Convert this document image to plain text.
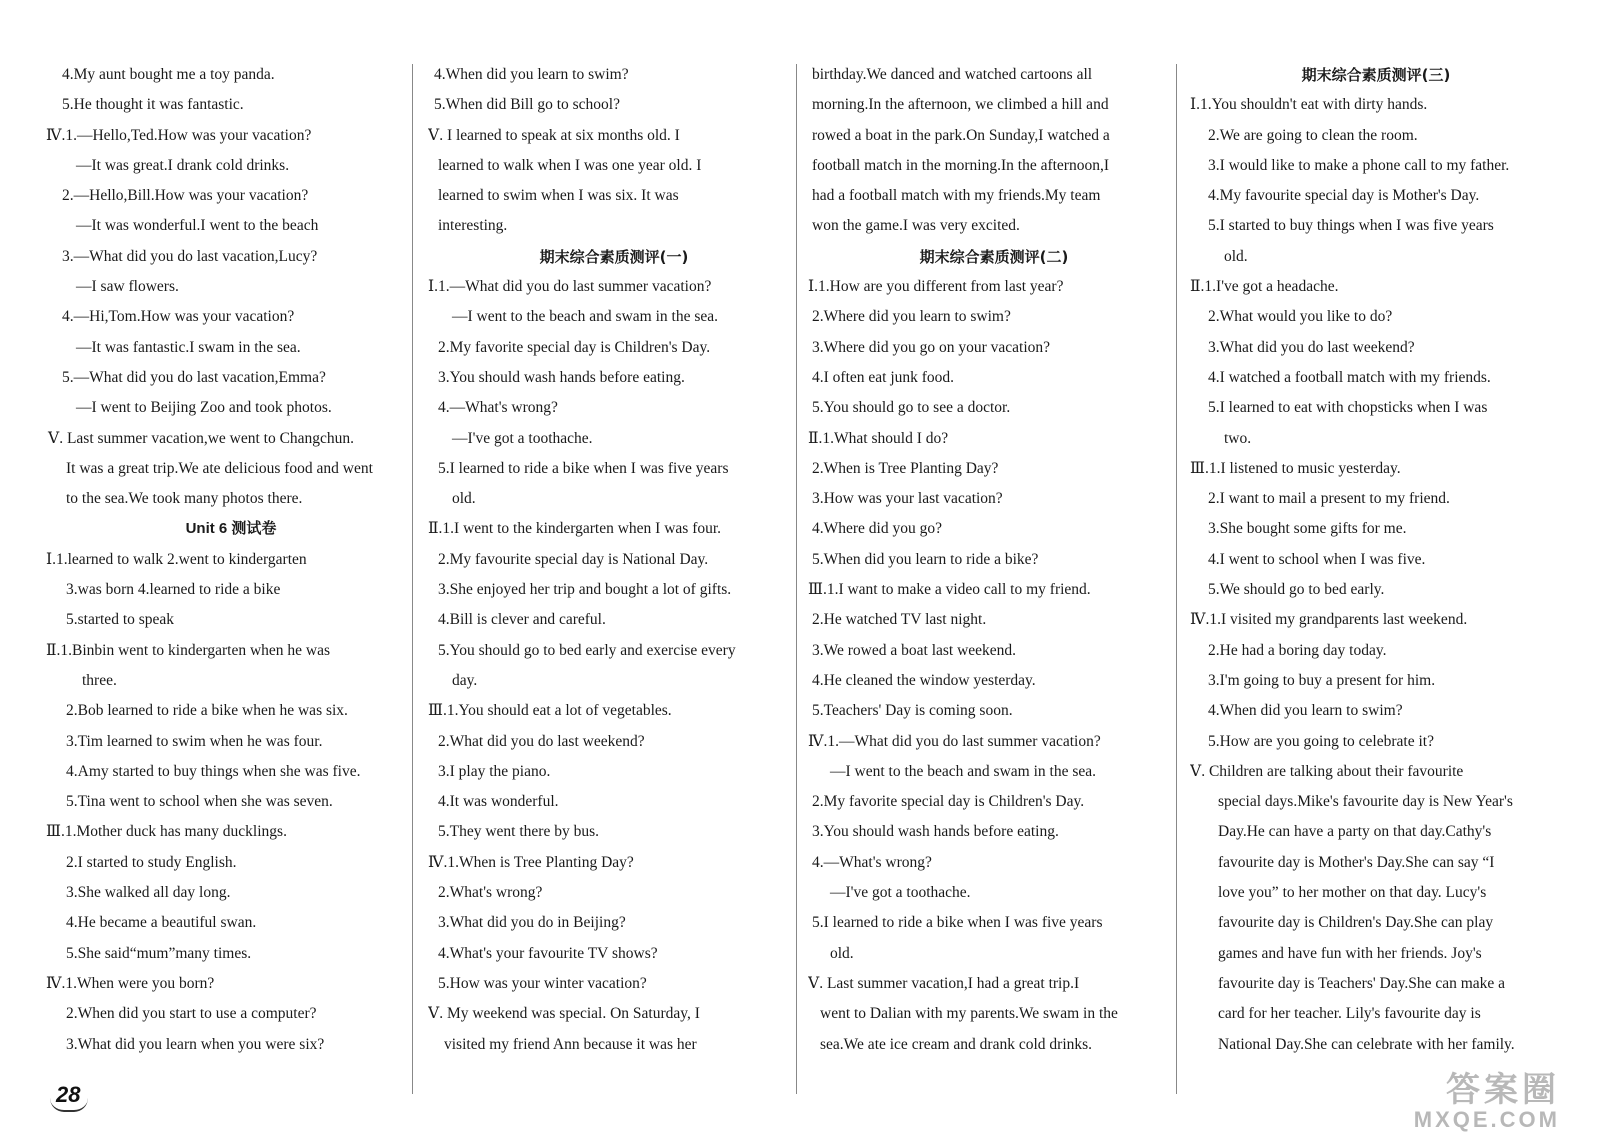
4.My aunt bought me a toy panda.
5.He thought it was fantastic.
Ⅳ.1.—Hello,Ted.How was your vacation?
—It was great.I drank cold drinks.
2.—Hello,Bill.How was your vacation?
—It was wonderful.I went to the beach
3.—What did you do last vacation,Lucy?
—I saw flowers.
4.—Hi,Tom.How was your vacation?
—It was fantastic.I swam in the sea.
5.—What did you do last vacation,Emma?
—I went to Beijing Zoo and took photos.
Ⅴ. Last summer vacation,we went to Changchun.
It was a great trip.We ate delicious food and went
to the sea.We took many photos there.
Unit 6 测试卷
Ⅰ.1.learned to walk 2.went to kindergarten
3.was born 4.learned to ride a bike
5.started to speak
Ⅱ.1.Binbin went to kindergarten when he was
three.
2.Bob learned to ride a bike when he was six.
3.Tim learned to swim when he was four.
4.Amy started to buy things when she was five.
5.Tina went to school when she was seven.
Ⅲ.1.Mother duck has many ducklings.
2.I started to study English.
3.She walked all day long.
4.He became a beautiful swan.
5.She said“mum”many times.
Ⅳ.1.When were you born?
2.When did you start to use a computer?
3.What did you learn when you were six?
4.When did you learn to swim?
5.When did Bill go to school?
Ⅴ. I learned to speak at six months old. I
learned to walk when I was one year old. I
learned to swim when I was six. It was
interesting.
期末综合素质测评(一)
Ⅰ.1.—What did you do last summer vacation?
—I went to the beach and swam in the sea.
2.My favorite special day is Children's Day.
3.You should wash hands before eating.
4.—What's wrong?
—I've got a toothache.
5.I learned to ride a bike when I was five years
old.
Ⅱ.1.I went to the kindergarten when I was four.
2.My favourite special day is National Day.
3.She enjoyed her trip and bought a lot of gifts.
4.Bill is clever and careful.
5.You should go to bed early and exercise every
day.
Ⅲ.1.You should eat a lot of vegetables.
2.What did you do last weekend?
3.I play the piano.
4.It was wonderful.
5.They went there by bus.
Ⅳ.1.When is Tree Planting Day?
2.What's wrong?
3.What did you do in Beijing?
4.What's your favourite TV shows?
5.How was your winter vacation?
Ⅴ. My weekend was special. On Saturday, I
visited my friend Ann because it was her
birthday.We danced and watched cartoons all
morning.In the afternoon, we climbed a hill and
rowed a boat in the park.On Sunday,I watched a
football match in the morning.In the afternoon,I
had a football match with my friends.My team
won the game.I was very excited.
期末综合素质测评(二)
Ⅰ.1.How are you different from last year?
2.Where did you learn to swim?
3.Where did you go on your vacation?
4.I often eat junk food.
5.You should go to see a doctor.
Ⅱ.1.What should I do?
2.When is Tree Planting Day?
3.How was your last vacation?
4.Where did you go?
5.When did you learn to ride a bike?
Ⅲ.1.I want to make a video call to my friend.
2.He watched TV last night.
3.We rowed a boat last weekend.
4.He cleaned the window yesterday.
5.Teachers' Day is coming soon.
Ⅳ.1.—What did you do last summer vacation?
—I went to the beach and swam in the sea.
2.My favorite special day is Children's Day.
3.You should wash hands before eating.
4.—What's wrong?
—I've got a toothache.
5.I learned to ride a bike when I was five years
old.
Ⅴ. Last summer vacation,I had a great trip.I
went to Dalian with my parents.We swam in the
sea.We ate ice cream and drank cold drinks.
期末综合素质测评(三)
Ⅰ.1.You shouldn't eat with dirty hands.
2.We are going to clean the room.
3.I would like to make a phone call to my father.
4.My favourite special day is Mother's Day.
5.I started to buy things when I was five years
old.
Ⅱ.1.I've got a headache.
2.What would you like to do?
3.What did you do last weekend?
4.I watched a football match with my friends.
5.I learned to eat with chopsticks when I was
two.
Ⅲ.1.I listened to music yesterday.
2.I want to mail a present to my friend.
3.She bought some gifts for me.
4.I went to school when I was five.
5.We should go to bed early.
Ⅳ.1.I visited my grandparents last weekend.
2.He had a boring day today.
3.I'm going to buy a present for him.
4.When did you learn to swim?
5.How are you going to celebrate it?
Ⅴ. Children are talking about their favourite
special days.Mike's favourite day is New Year's
Day.He can have a party on that day.Cathy's
favourite day is Mother's Day.She can say “I
love you” to her mother on that day. Lucy's
favourite day is Children's Day.She can play
games and have fun with her friends. Joy's
favourite day is Teachers' Day.She can make a
card for her teacher. Lily's favourite day is
National Day.She can celebrate with her family.
28	答案圈
MXQE.COM
